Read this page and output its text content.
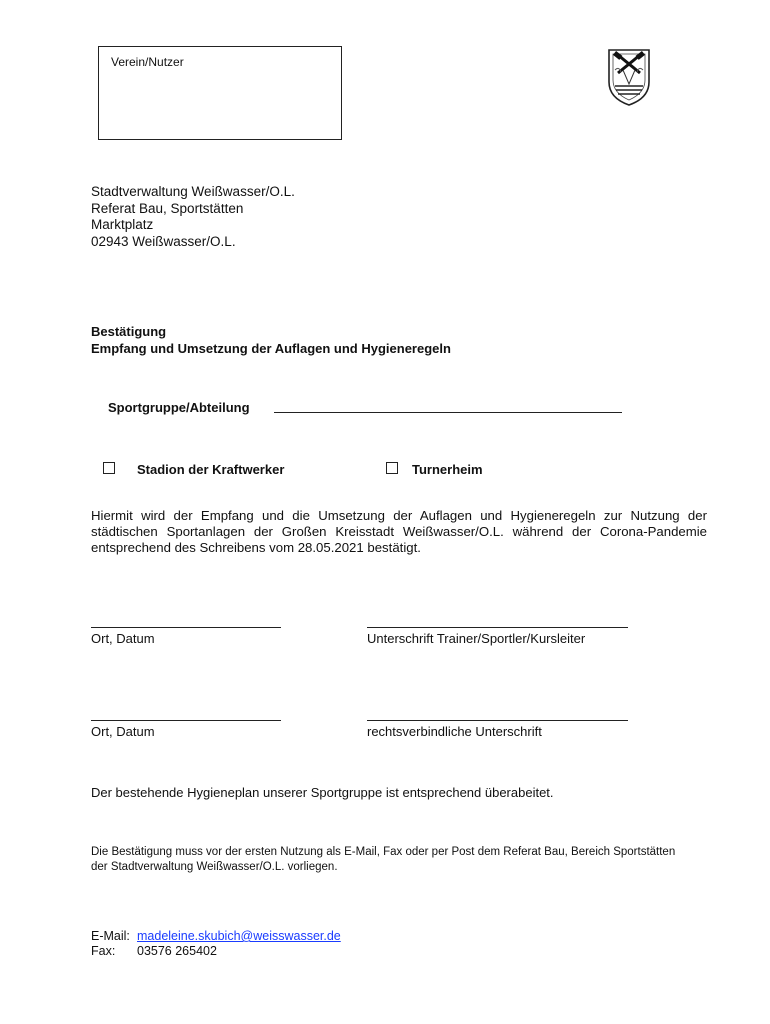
Verein/Nutzer
Stadtverwaltung Weißwasser/O.L.
Referat Bau, Sportstätten
Marktplatz
02943 Weißwasser/O.L.
Bestätigung
Empfang und Umsetzung der Auflagen und Hygieneregeln
Sportgruppe/Abteilung
Stadion der Kraftwerker	Turnerheim
Hiermit wird der Empfang und die Umsetzung der Auflagen und Hygieneregeln zur Nutzung der städtischen Sportanlagen der Großen Kreisstadt Weißwasser/O.L. während der Corona-Pandemie entsprechend des Schreibens vom 28.05.2021 bestätigt.
Ort, Datum	Unterschrift Trainer/Sportler/Kursleiter
Ort, Datum	rechtsverbindliche Unterschrift
Der bestehende Hygieneplan unserer Sportgruppe ist entsprechend überabeitet.
Die Bestätigung muss vor der ersten Nutzung als E-Mail, Fax oder per Post dem Referat Bau, Bereich Sportstätten der Stadtverwaltung Weißwasser/O.L. vorliegen.
E-Mail: madeleine.skubich@weisswasser.de
Fax:	03576 265402
